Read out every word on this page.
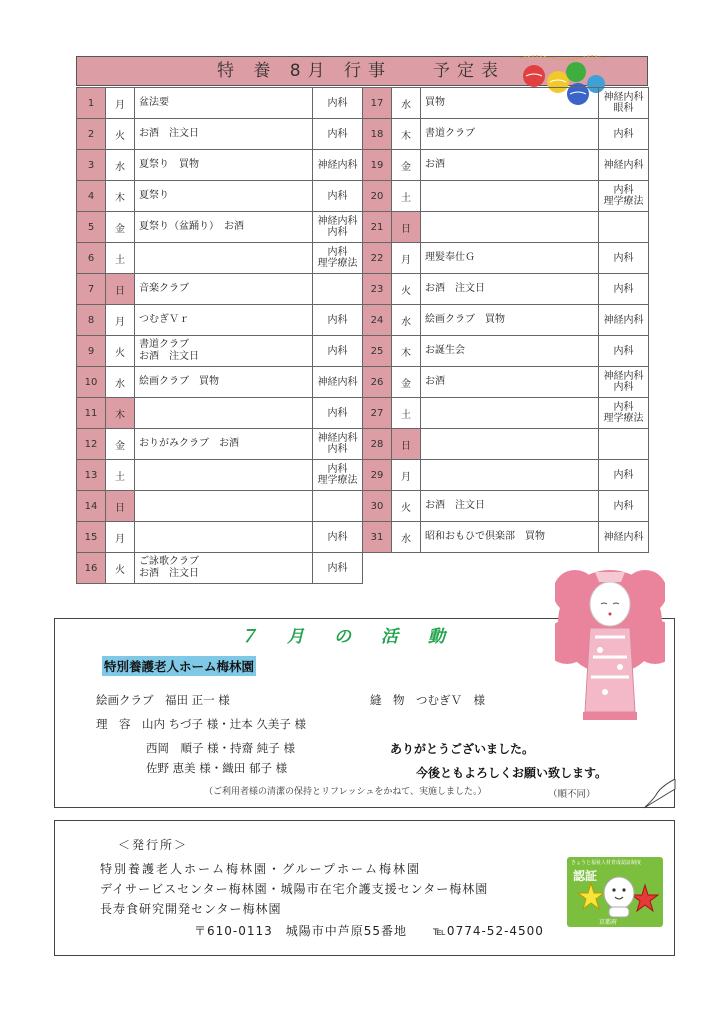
特 養 8月 行事 予定表
1	月	盆法要	内科
2	火	お酒　注文日	内科
3	水	夏祭り　買物	神経内科
4	木	夏祭り	内科
5	金	夏祭り（盆踊り）　お酒	神経内科
内科
6	土		内科
理学療法
7	日	音楽クラブ	
8	月	つむぎＶｒ	内科
9	火	書道クラブ
お酒　注文日	内科
10	水	絵画クラブ　買物	神経内科
11	木		内科
12	金	おりがみクラブ　お酒	神経内科
内科
13	土		内科
理学療法
14	日		
15	月		内科
16	火	ご詠歌クラブ
お酒　注文日	内科
17	水	買物	神経内科
眼科
18	木	書道クラブ	内科
19	金	お酒	神経内科
20	土		内科
理学療法
21	日		
22	月	理髪奉仕Ｇ	内科
23	火	お酒　注文日	内科
24	水	絵画クラブ　買物	神経内科
25	木	お誕生会	内科
26	金	お酒	神経内科
内科
27	土		内科
理学療法
28	日		
29	月		内科
30	火	お酒　注文日	内科
31	水	昭和おもひで倶楽部　買物	神経内科
７月の活動
特別養護老人ホーム梅林園
絵画クラブ　福田 正一 様
理　容　山内 ちづ子 様・辻本 久美子 様
西岡　順子 様・持齋 純子 様
佐野 恵美 様・織田 郁子 様
縫　物　つむぎＶ　様
ありがとうございました。
今後ともよろしくお願い致します。
（ご利用者様の清潔の保持とリフレッシュをかねて、実施しました。）	（順不同）
＜発行所＞
特別養護老人ホーム梅林園・グループホーム梅林園
デイサービスセンター梅林園・城陽市在宅介護支援センター梅林園
長寿食研究開発センター梅林園
〒610-0113　城陽市中芦原55番地　　℡0774-52-4500
きょうと福祉人材育成認証制度
認証
京都府
